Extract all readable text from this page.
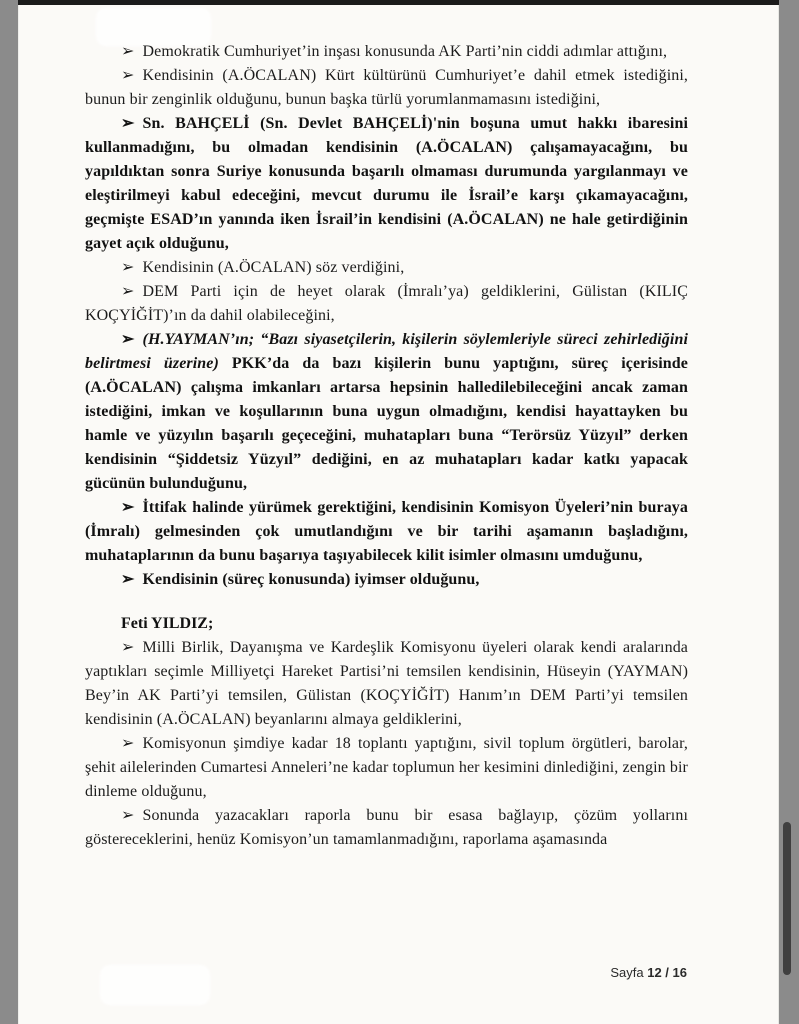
➢ Demokratik Cumhuriyet’in inşası konusunda AK Parti’nin ciddi adımlar attığını,

➢ Kendisinin (A.ÖCALAN) Kürt kültürünü Cumhuriyet’e dahil etmek istediğini, bunun bir zenginlik olduğunu, bunun başka türlü yorumlanmamasını istediğini,

➢ Sn. BAHÇELİ (Sn. Devlet BAHÇELİ)'nin boşuna umut hakkı ibaresini kullanmadığını, bu olmadan kendisinin (A.ÖCALAN) çalışamayacağını, bu yapıldıktan sonra Suriye konusunda başarılı olmaması durumunda yargılanmayı ve eleştirilmeyi kabul edeceğini, mevcut durumu ile İsrail’e karşı çıkamayacağını, geçmişte ESAD’ın yanında iken İsrail’in kendisini (A.ÖCALAN) ne hale getirdiğinin gayet açık olduğunu,

➢ Kendisinin (A.ÖCALAN) söz verdiğini,

➢ DEM Parti için de heyet olarak (İmralı’ya) geldiklerini, Gülistan (KILIÇ KOÇYİĞİT)’ın da dahil olabileceğini,

➢ (H.YAYMAN’ın; “Bazı siyasetçilerin, kişilerin söylemleriyle süreci zehirlediğini belirtmesi üzerine) PKK’da da bazı kişilerin bunu yaptığını, süreç içerisinde (A.ÖCALAN) çalışma imkanları artarsa hepsinin halledilebileceğini ancak zaman istediğini, imkan ve koşullarının buna uygun olmadığını, kendisi hayattayken bu hamle ve yüzyılın başarılı geçeceğini, muhatapları buna “Terörsüz Yüzyıl” derken kendisinin “Şiddetsiz Yüzyıl” dediğini, en az muhatapları kadar katkı yapacak gücünün bulunduğunu,

➢ İttifak halinde yürümek gerektiğini, kendisinin Komisyon Üyeleri’nin buraya (İmralı) gelmesinden çok umutlandığını ve bir tarihi aşamanın başladığını, muhataplarının da bunu başarıya taşıyabilecek kilit isimler olmasını umduğunu,

➢ Kendisinin (süreç konusunda) iyimser olduğunu,

Feti YILDIZ;

➢ Milli Birlik, Dayanışma ve Kardeşlik Komisyonu üyeleri olarak kendi aralarında yaptıkları seçimle Milliyetçi Hareket Partisi’ni temsilen kendisinin, Hüseyin (YAYMAN) Bey’in AK Parti’yi temsilen, Gülistan (KOÇYİĞİT) Hanım’ın DEM Parti’yi temsilen kendisinin (A.ÖCALAN) beyanlarını almaya geldiklerini,

➢ Komisyonun şimdiye kadar 18 toplantı yaptığını, sivil toplum örgütleri, barolar, şehit ailelerinden Cumartesi Anneleri’ne kadar toplumun her kesimini dinlediğini, zengin bir dinleme olduğunu,

➢ Sonunda yazacakları raporla bunu bir esasa bağlayıp, çözüm yollarını göstereceklerini, henüz Komisyon’un tamamlanmadığını, raporlama aşamasında

Sayfa 12 / 16
